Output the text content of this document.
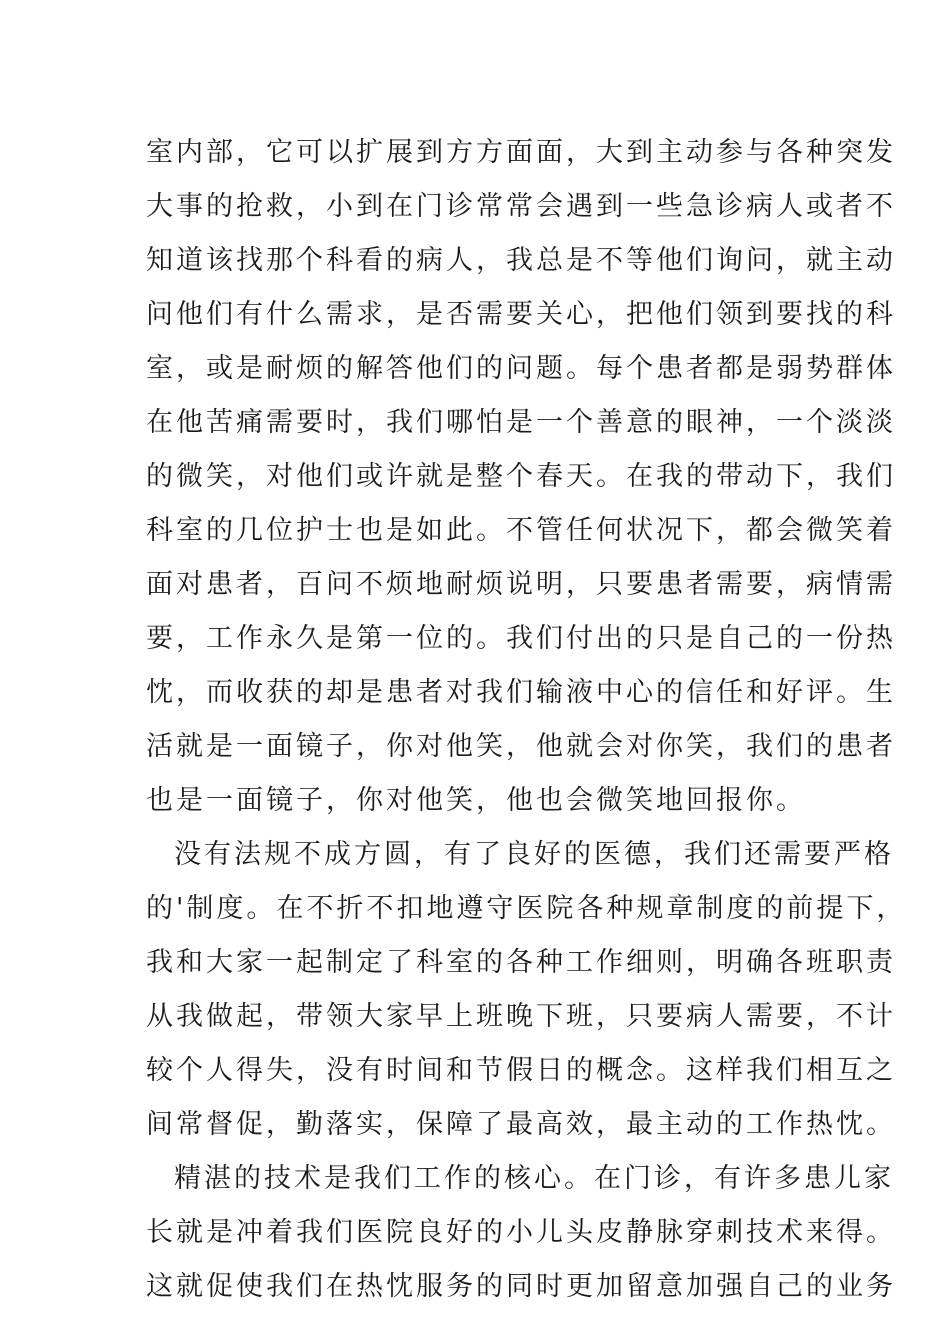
室内部，它可以扩展到方方面面，大到主动参与各种突发
大事的抢救，小到在门诊常常会遇到一些急诊病人或者不
知道该找那个科看的病人，我总是不等他们询问，就主动
问他们有什么需求，是否需要关心，把他们领到要找的科
室，或是耐烦的解答他们的问题。每个患者都是弱势群体
在他苦痛需要时，我们哪怕是一个善意的眼神，一个淡淡
的微笑，对他们或许就是整个春天。在我的带动下，我们
科室的几位护士也是如此。不管任何状况下，都会微笑着
面对患者，百问不烦地耐烦说明，只要患者需要，病情需
要，工作永久是第一位的。我们付出的只是自己的一份热
忱，而收获的却是患者对我们输液中心的信任和好评。生
活就是一面镜子，你对他笑，他就会对你笑，我们的患者
也是一面镜子，你对他笑，他也会微笑地回报你。
没有法规不成方圆，有了良好的医德，我们还需要严格
的'制度。在不折不扣地遵守医院各种规章制度的前提下，
我和大家一起制定了科室的各种工作细则，明确各班职责
从我做起，带领大家早上班晚下班，只要病人需要，不计
较个人得失，没有时间和节假日的概念。这样我们相互之
间常督促，勤落实，保障了最高效，最主动的工作热忱。
精湛的技术是我们工作的核心。在门诊，有许多患儿家
长就是冲着我们医院良好的小儿头皮静脉穿刺技术来得。
这就促使我们在热忱服务的同时更加留意加强自己的业务
